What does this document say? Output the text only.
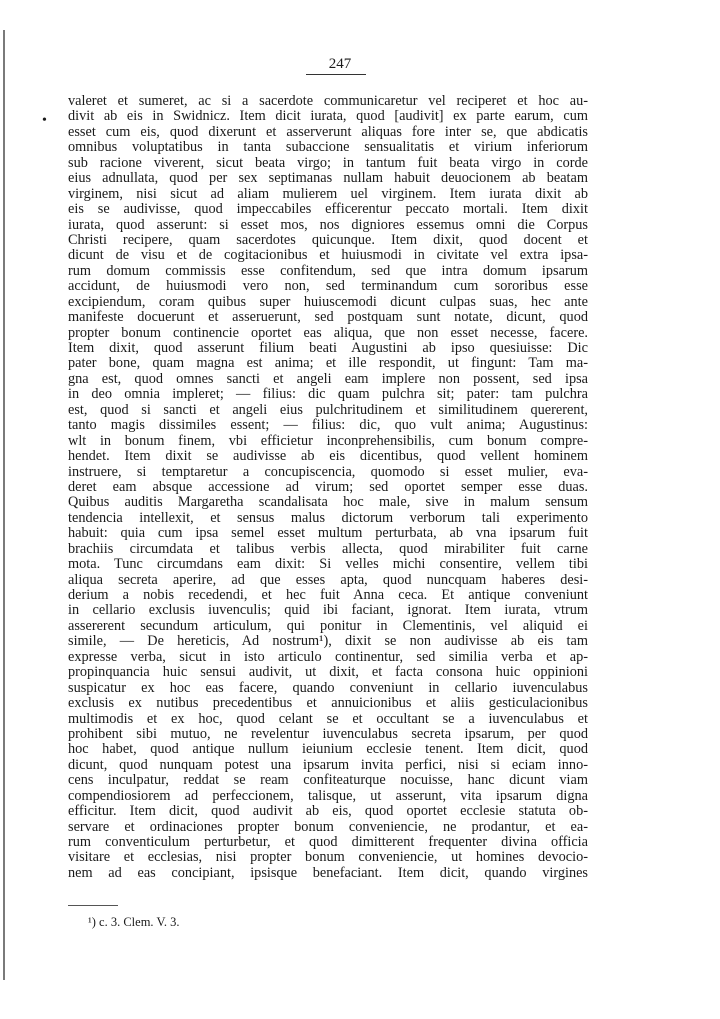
247
•
valeret et sumeret, ac si a sacerdote communicaretur vel reciperet et hoc au-
divit ab eis in Swidnicz. Item dicit iurata, quod [audivit] ex parte earum, cum
esset cum eis, quod dixerunt et asserverunt aliquas fore inter se, que abdicatis
omnibus voluptatibus in tanta subaccione sensualitatis et virium inferiorum
sub racione viverent, sicut beata virgo; in tantum fuit beata virgo in corde
eius adnullata, quod per sex septimanas nullam habuit deuocionem ab beatam
virginem, nisi sicut ad aliam mulierem uel virginem. Item iurata dixit ab
eis se audivisse, quod impeccabiles efficerentur peccato mortali. Item dixit
iurata, quod asserunt: si esset mos, nos digniores essemus omni die Corpus
Christi recipere, quam sacerdotes quicunque. Item dixit, quod docent et
dicunt de visu et de cogitacionibus et huiusmodi in civitate vel extra ipsa-
rum domum commissis esse confitendum, sed que intra domum ipsarum
accidunt, de huiusmodi vero non, sed terminandum cum sororibus esse
excipiendum, coram quibus super huiuscemodi dicunt culpas suas, hec ante
manifeste docuerunt et asseruerunt, sed postquam sunt notate, dicunt, quod
propter bonum continencie oportet eas aliqua, que non esset necesse, facere.
Item dixit, quod asserunt filium beati Augustini ab ipso quesiuisse: Dic
pater bone, quam magna est anima; et ille respondit, ut fingunt: Tam ma-
gna est, quod omnes sancti et angeli eam implere non possent, sed ipsa
in deo omnia impleret; — filius: dic quam pulchra sit; pater: tam pulchra
est, quod si sancti et angeli eius pulchritudinem et similitudinem quererent,
tanto magis dissimiles essent; — filius: dic, quo vult anima; Augustinus:
wlt in bonum finem, vbi efficietur inconprehensibilis, cum bonum compre-
hendet. Item dixit se audivisse ab eis dicentibus, quod vellent hominem
instruere, si temptaretur a concupiscencia, quomodo si esset mulier, eva-
deret eam absque accessione ad virum; sed oportet semper esse duas.
Quibus auditis Margaretha scandalisata hoc male, sive in malum sensum
tendencia intellexit, et sensus malus dictorum verborum tali experimento
habuit: quia cum ipsa semel esset multum perturbata, ab vna ipsarum fuit
brachiis circumdata et talibus verbis allecta, quod mirabiliter fuit carne
mota. Tunc circumdans eam dixit: Si velles michi consentire, vellem tibi
aliqua secreta aperire, ad que esses apta, quod nuncquam haberes desi-
derium a nobis recedendi, et hec fuit Anna ceca. Et antique conveniunt
in cellario exclusis iuvenculis; quid ibi faciant, ignorat. Item iurata, vtrum
assererent secundum articulum, qui ponitur in Clementinis, vel aliquid ei
simile, — De hereticis, Ad nostrum¹), dixit se non audivisse ab eis tam
expresse verba, sicut in isto articulo continentur, sed similia verba et ap-
propinquancia huic sensui audivit, ut dixit, et facta consona huic oppinioni
suspicatur ex hoc eas facere, quando conveniunt in cellario iuvenculabus
exclusis ex nutibus precedentibus et annuicionibus et aliis gesticulacionibus
multimodis et ex hoc, quod celant se et occultant se a iuvenculabus et
prohibent sibi mutuo, ne revelentur iuvenculabus secreta ipsarum, per quod
hoc habet, quod antique nullum ieiunium ecclesie tenent. Item dicit, quod
dicunt, quod nunquam potest una ipsarum invita perfici, nisi si eciam inno-
cens inculpatur, reddat se ream confiteaturque nocuisse, hanc dicunt viam
compendiosiorem ad perfeccionem, talisque, ut asserunt, vita ipsarum digna
efficitur. Item dicit, quod audivit ab eis, quod oportet ecclesie statuta ob-
servare et ordinaciones propter bonum conveniencie, ne prodantur, et ea-
rum conventiculum perturbetur, et quod dimitterent frequenter divina officia
visitare et ecclesias, nisi propter bonum conveniencie, ut homines devocio-
nem ad eas concipiant, ipsisque benefaciant. Item dicit, quando virgines
¹) c. 3. Clem. V. 3.
